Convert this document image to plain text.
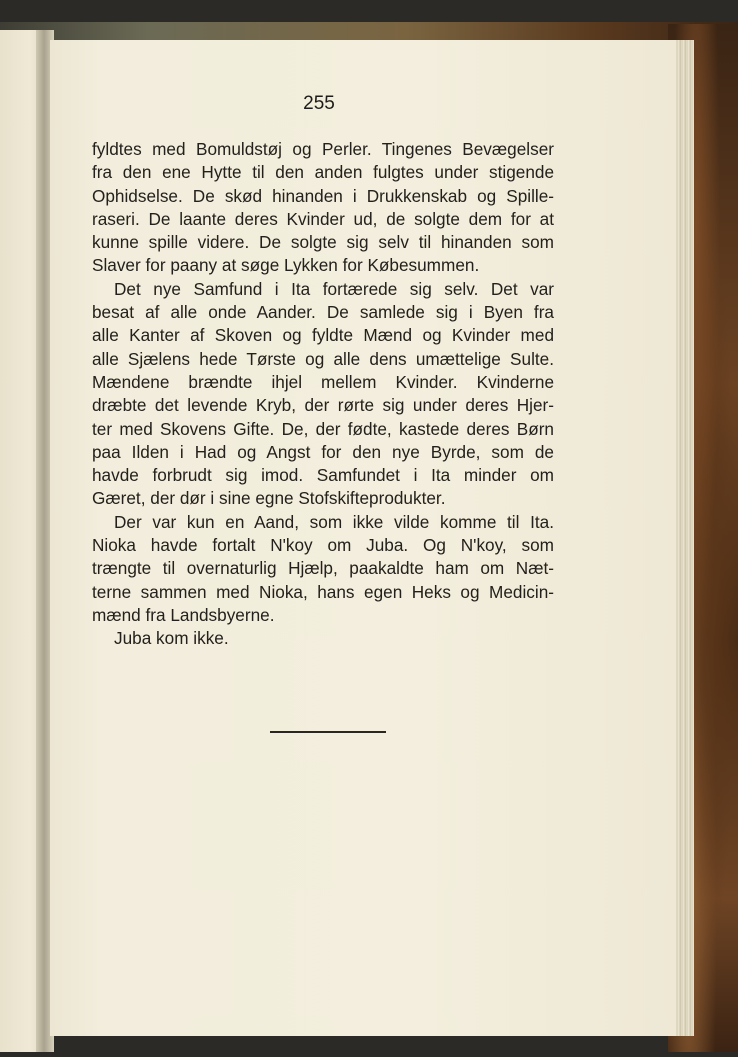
255
fyldtes med Bomuldstøj og Perler. Tingenes Bevægelser
fra den ene Hytte til den anden fulgtes under stigende
Ophidselse. De skød hinanden i Drukkenskab og Spille-
raseri. De laante deres Kvinder ud, de solgte dem for at
kunne spille videre. De solgte sig selv til hinanden som
Slaver for paany at søge Lykken for Købesummen.
Det nye Samfund i Ita fortærede sig selv. Det var
besat af alle onde Aander. De samlede sig i Byen fra
alle Kanter af Skoven og fyldte Mænd og Kvinder med
alle Sjælens hede Tørste og alle dens umættelige Sulte.
Mændene brændte ihjel mellem Kvinder. Kvinderne
dræbte det levende Kryb, der rørte sig under deres Hjer-
ter med Skovens Gifte. De, der fødte, kastede deres Børn
paa Ilden i Had og Angst for den nye Byrde, som de
havde forbrudt sig imod. Samfundet i Ita minder om
Gæret, der dør i sine egne Stofskifteprodukter.
Der var kun en Aand, som ikke vilde komme til Ita.
Nioka havde fortalt N'koy om Juba. Og N'koy, som
trængte til overnaturlig Hjælp, paakaldte ham om Næt-
terne sammen med Nioka, hans egen Heks og Medicin-
mænd fra Landsbyerne.
Juba kom ikke.
